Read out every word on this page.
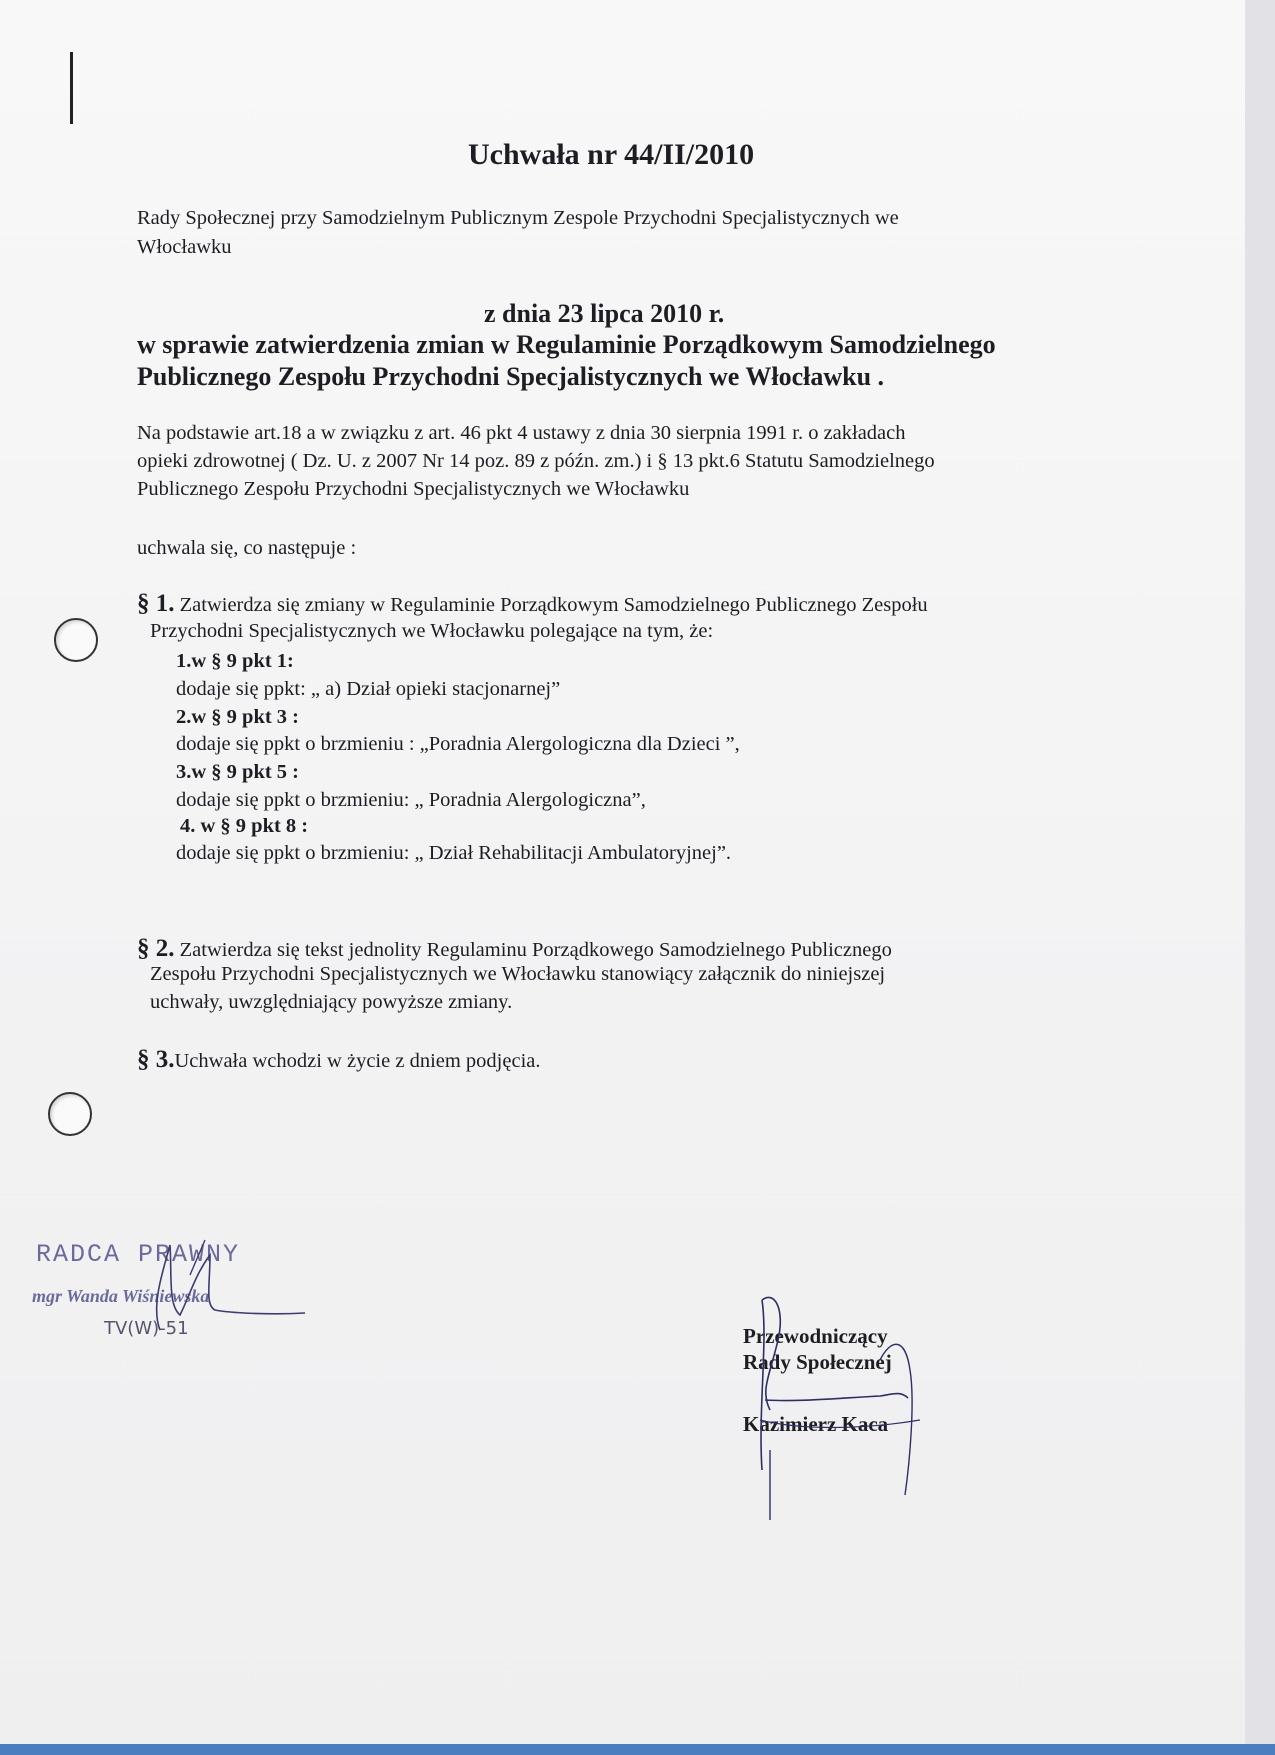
Uchwała nr 44/II/2010
Rady Społecznej przy Samodzielnym Publicznym Zespole Przychodni Specjalistycznych we
Włocławku
z dnia 23 lipca 2010 r.
w sprawie zatwierdzenia zmian w Regulaminie Porządkowym Samodzielnego
Publicznego Zespołu Przychodni Specjalistycznych we Włocławku .
Na podstawie art.18 a w związku z art. 46 pkt 4 ustawy z dnia 30 sierpnia 1991 r. o zakładach
opieki zdrowotnej ( Dz. U. z 2007 Nr 14 poz. 89 z późn. zm.) i § 13 pkt.6 Statutu Samodzielnego
Publicznego Zespołu Przychodni Specjalistycznych we Włocławku
uchwala się, co następuje :
§ 1. Zatwierdza się zmiany w Regulaminie Porządkowym Samodzielnego Publicznego Zespołu
Przychodni Specjalistycznych we Włocławku polegające na tym, że:
1.w § 9 pkt 1:
dodaje się ppkt: „ a) Dział opieki stacjonarnej”
2.w § 9 pkt 3 :
dodaje się ppkt o brzmieniu : „Poradnia Alergologiczna dla Dzieci ”,
3.w § 9 pkt 5 :
dodaje się ppkt o brzmieniu: „ Poradnia Alergologiczna”,
4. w § 9 pkt 8 :
dodaje się ppkt o brzmieniu: „ Dział Rehabilitacji Ambulatoryjnej”.
§ 2. Zatwierdza się tekst jednolity Regulaminu Porządkowego Samodzielnego Publicznego
Zespołu Przychodni Specjalistycznych we Włocławku stanowiący załącznik do niniejszej
uchwały, uwzględniający powyższe zmiany.
§ 3.Uchwała wchodzi w życie z dniem podjęcia.
RADCA PRAWNY
mgr Wanda Wiśniewska
TV(W)-51	Przewodniczący
Rady Społecznej
Kazimierz Kaca
